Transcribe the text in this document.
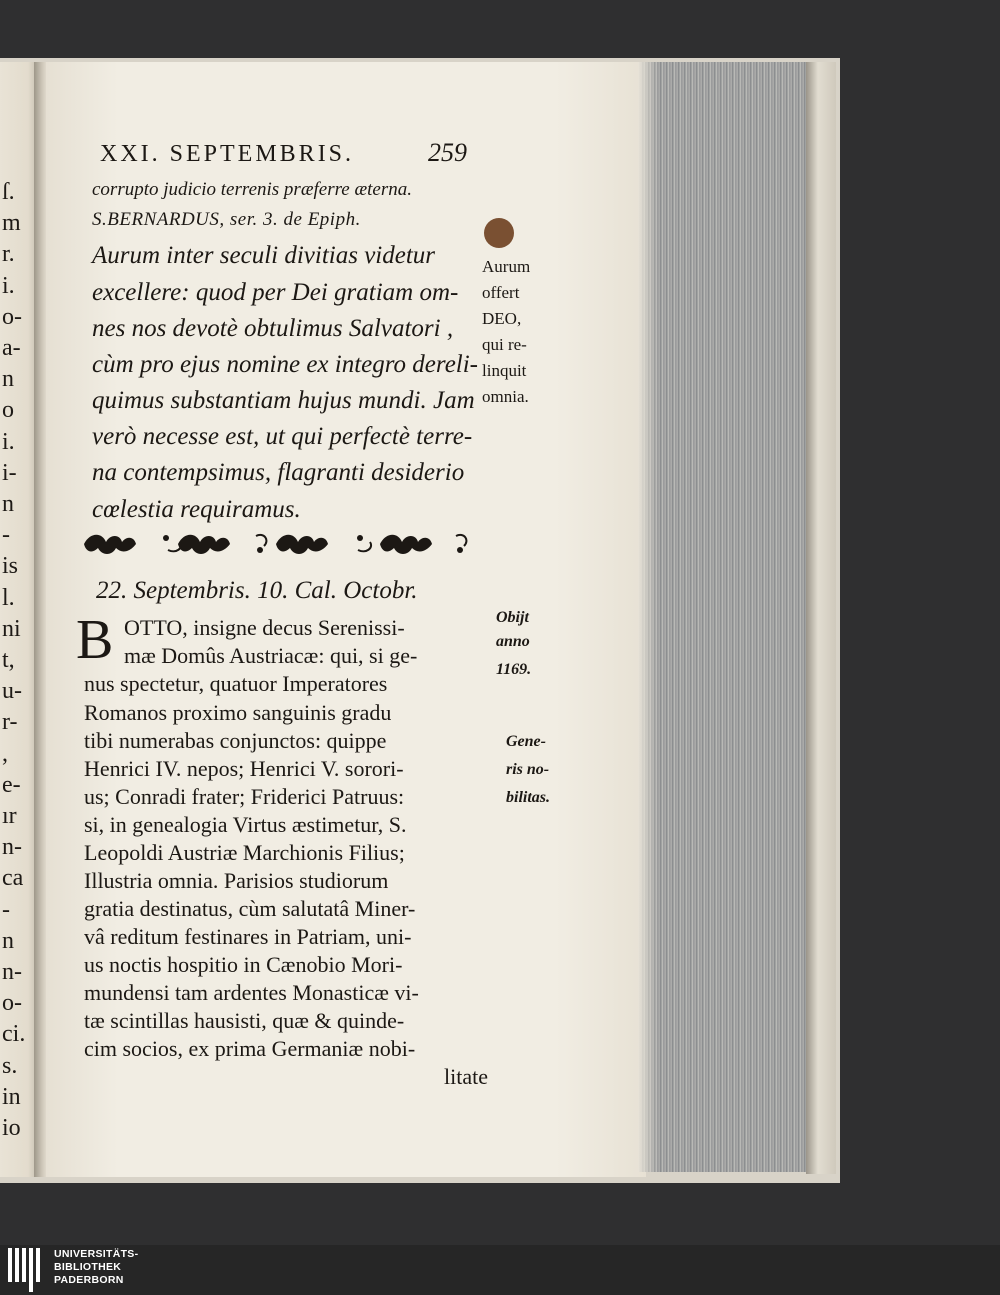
ſ.
m
r.
i.
o-
a-
n
o
i.
i-
n
-
is
l.
ni
t,
u-
r-
,
e-
ır
n-
ca
-
n
n-
o-
ci.
s.
in
io
XXI. SEPTEMBRIS.	259
corrupto judicio terrenis præferre æterna.
S.BERNARDUS, ser. 3. de Epiph.
Aurum inter seculi divitias videtur
excellere: quod per Dei gratiam om-
nes nos devotè obtulimus Salvatori ,
cùm pro ejus nomine ex integro dereli-
quimus substantiam hujus mundi. Jam
verò necesse est, ut qui perfectè terre-
na contempsimus, flagranti desiderio
cœlestia requiramus.
Aurum
offert
DEO,
qui re-
linquit
omnia.
22. Septembris. 10. Cal. Octobr.
B OTTO, insigne decus Serenissi-
mæ Domûs Austriacæ: qui, si ge-
nus spectetur, quatuor Imperatores
Romanos proximo sanguinis gradu
tibi numerabas conjunctos: quippe
Henrici IV. nepos; Henrici V. sorori-
us; Conradi frater; Friderici Patruus:
si, in genealogia Virtus æstimetur, S.
Leopoldi Austriæ Marchionis Filius;
Illustria omnia. Parisios studiorum
gratia destinatus, cùm salutatâ Miner-
vâ reditum festinares in Patriam, uni-
us noctis hospitio in Cænobio Mori-
mundensi tam ardentes Monasticæ vi-
tæ scintillas hausisti, quæ & quinde-
cim socios, ex prima Germaniæ nobi-
litate
Obijt
anno
1169.
Gene-
ris no-
bilitas.
UNIVERSITÄTS-
BIBLIOTHEK
PADERBORN
